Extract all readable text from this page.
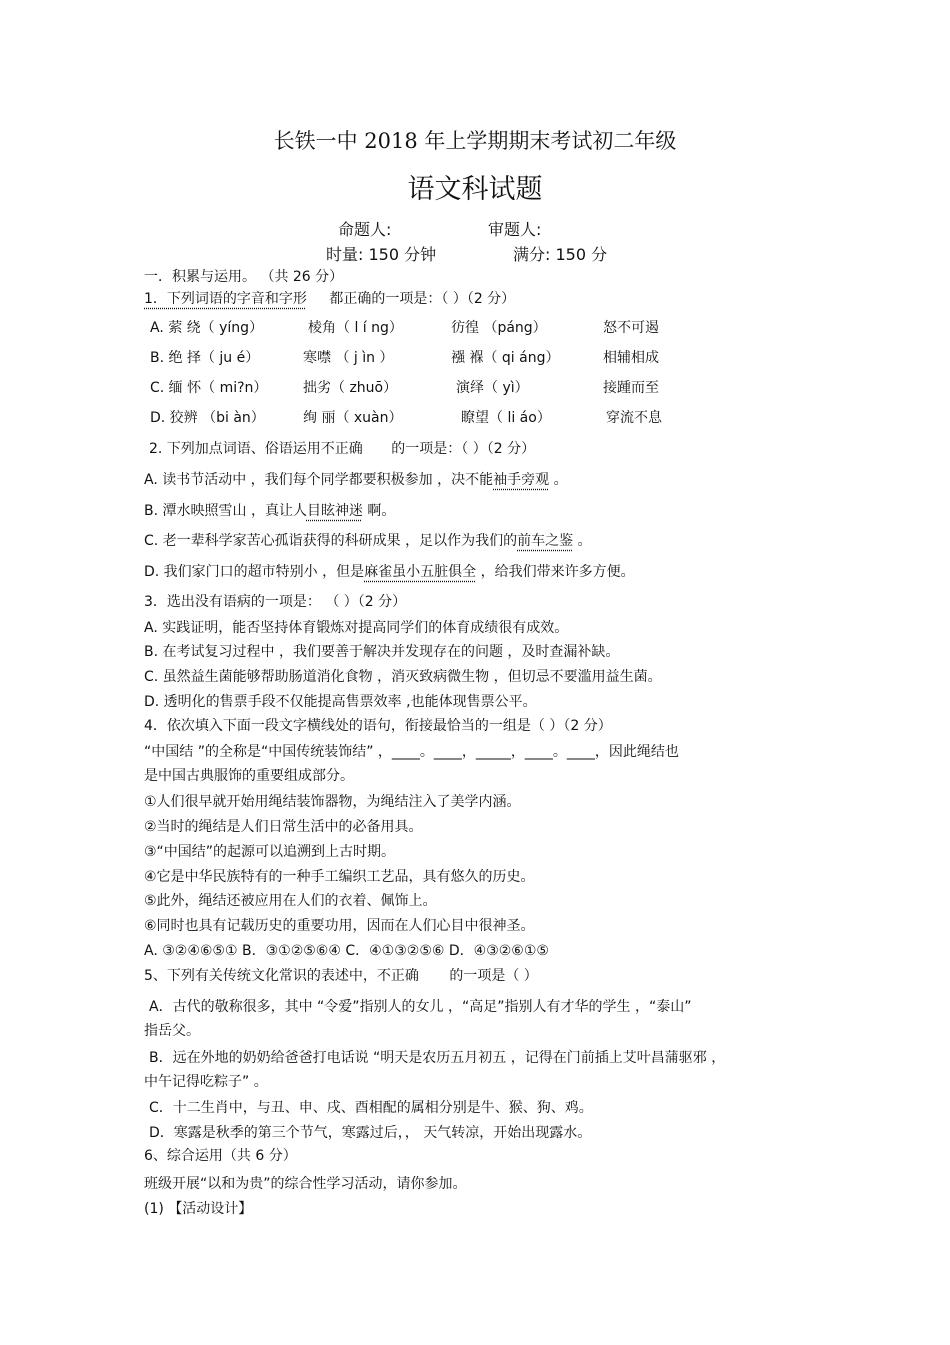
长铁一中 2018 年上学期期末考试初二年级
语文科试题
命题人:	审题人:
时量: 150 分钟	满分: 150 分
一．积累与运用。 （共 26 分）
1．下列词语的字音和字形 都正确的一项是：（ ）（2 分）
A. 萦 绕（ yíng）	棱角（ l í ng）	彷徨 （páng）	怒不可遏
B. 绝 择（ ju é）	寒噤 （ j ìn ）	襁 褓（ qi áng）	相辅相成
C. 缅 怀（ mi?n）	拙劣（ zhuō）	演绎（ yì）	接踵而至
D. 狡辨 （bi àn）	绚 丽（ xuàn）	瞭望（ li áo）	穿流不息
2. 下列加点词语、俗语运用不正确 的一项是：（ ）（2 分）
A. 读书节活动中 ，我们每个同学都要积极参加 ，决不能袖手旁观 。
B. 潭水映照雪山 ，真让人目眩神迷 啊。
C. 老一辈科学家苦心孤诣获得的科研成果 ，足以作为我们的前车之鉴 。
D. 我们家门口的超市特别小 ，但是麻雀虽小五脏俱全 ，给我们带来许多方便。
3．选出没有语病的一项是： （ ）（2 分）
A. 实践证明，能否坚持体育锻炼对提高同学们的体育成绩很有成效。
B. 在考试复习过程中 ，我们要善于解决并发现存在的问题 ，及时查漏补缺。
C. 虽然益生菌能够帮助肠道消化食物 ，消灭致病微生物 ，但切忌不要滥用益生菌。
D. 透明化的售票手段不仅能提高售票效率 ,也能体现售票公平。
4．依次填入下面一段文字横线处的语句，衔接最恰当的一组是（ ）（2 分）
“中国结 ”的全称是“中国传统装饰结” ，____。____，_____，____。____，因此绳结也
是中国古典服饰的重要组成部分。
①人们很早就开始用绳结装饰器物，为绳结注入了美学内涵。
②当时的绳结是人们日常生活中的必备用具。
③“中国结”的起源可以追溯到上古时期。
④它是中华民族特有的一种手工编织工艺品，具有悠久的历史。
⑤此外，绳结还被应用在人们的衣着、佩饰上。
⑥同时也具有记载历史的重要功用，因而在人们心目中很神圣。
A. ③②④⑥⑤① B．③①②⑤⑥④ C．④①③②⑤⑥ D．④③②⑥①⑤
5、下列有关传统文化常识的表述中，不正确 的一项是（ ）
A．古代的敬称很多，其中 “令爱”指别人的女儿 ，“高足”指别人有才华的学生 ，“泰山”
指岳父。
B．远在外地的奶奶给爸爸打电话说 “明天是农历五月初五 ，记得在门前插上艾叶昌蒲驱邪 ，
中午记得吃粽子” 。
C．十二生肖中，与丑、申、戌、酉相配的属相分别是牛、猴、狗、鸡。
D．寒露是秋季的第三个节气，寒露过后，， 天气转凉，开始出现露水。
6、综合运用（共 6 分）
班级开展“以和为贵”的综合性学习活动，请你参加。
(1) 【活动设计】
